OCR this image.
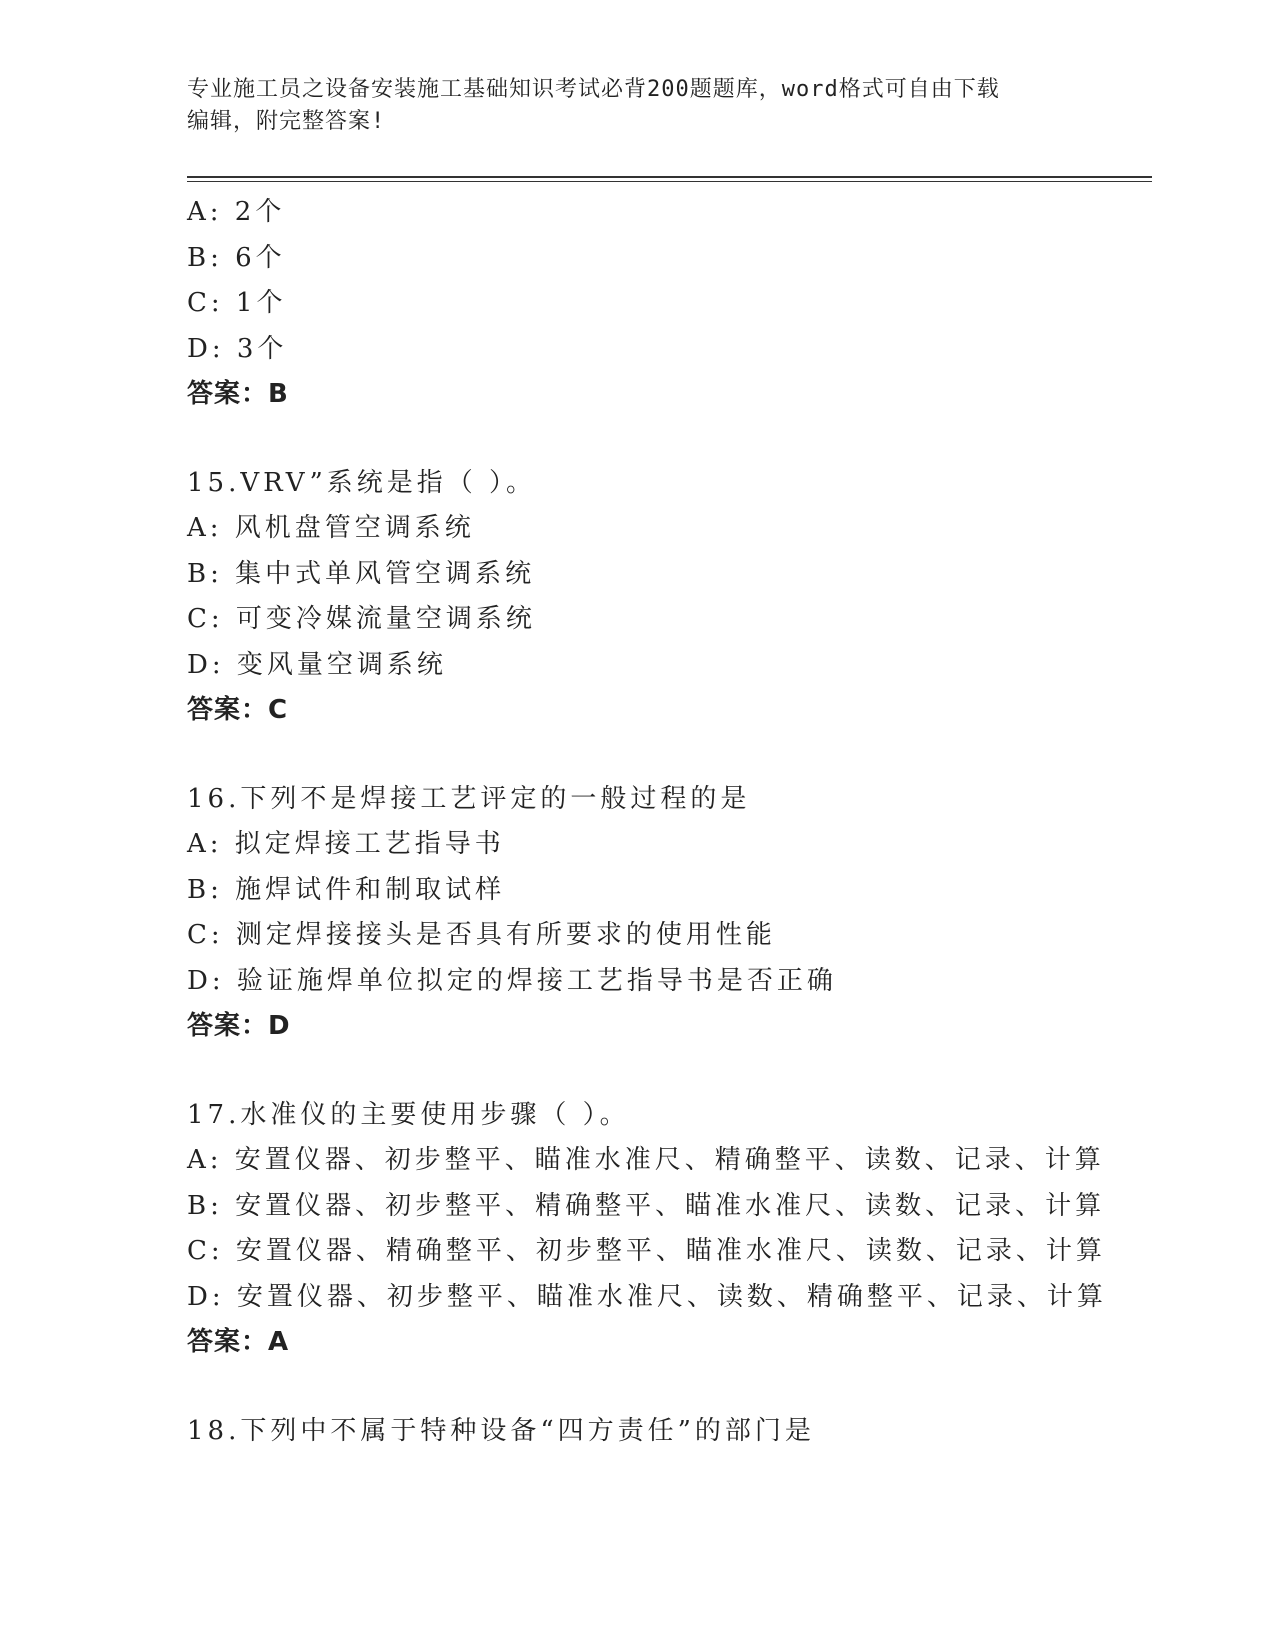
专业施工员之设备安装施工基础知识考试必背200题题库，word格式可自由下载
编辑，附完整答案!
A: 2个
B: 6个
C: 1个
D: 3个
答案：B
15.VRV”系统是指（ ）。
A: 风机盘管空调系统
B: 集中式单风管空调系统
C: 可变冷媒流量空调系统
D: 变风量空调系统
答案：C
16.下列不是焊接工艺评定的一般过程的是
A: 拟定焊接工艺指导书
B: 施焊试件和制取试样
C: 测定焊接接头是否具有所要求的使用性能
D: 验证施焊单位拟定的焊接工艺指导书是否正确
答案：D
17.水准仪的主要使用步骤（ ）。
A: 安置仪器、初步整平、瞄准水准尺、精确整平、读数、记录、计算
B: 安置仪器、初步整平、精确整平、瞄准水准尺、读数、记录、计算
C: 安置仪器、精确整平、初步整平、瞄准水准尺、读数、记录、计算
D: 安置仪器、初步整平、瞄准水准尺、读数、精确整平、记录、计算
答案：A
18.下列中不属于特种设备“四方责任”的部门是
